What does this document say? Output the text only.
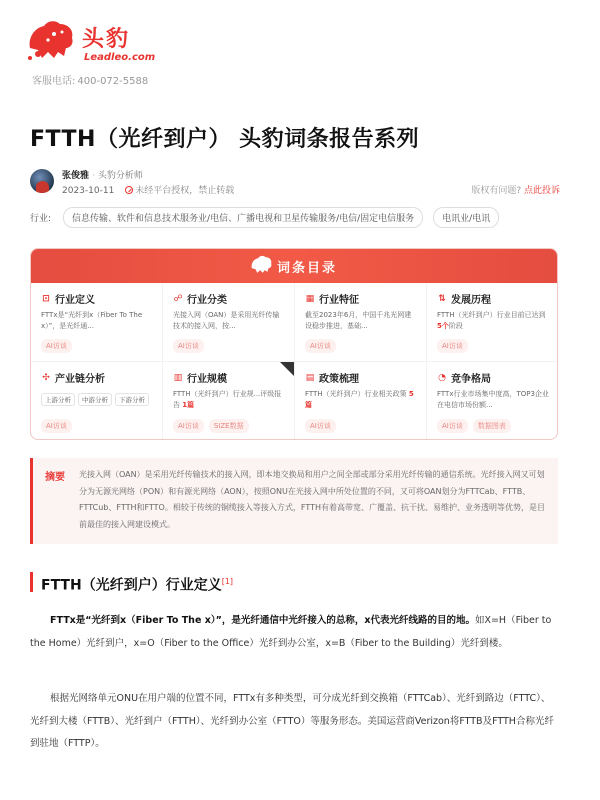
头豹
Leadleo.com
客服电话: 400-072-5588
FTTH（光纤到户） 头豹词条报告系列
张俊雅 · 头豹分析师
2023-10-11 未经平台授权，禁止转载	版权有问题? 点此投诉
行业:	信息传输、软件和信息技术服务业/电信、广播电视和卫星传输服务/电信/固定电信服务	电讯业/电讯
词条目录
⊡ 行业定义
FTTx是“光纤到x（Fiber To The x）”，是光纤通...
AI访谈
☍ 行业分类
光接入网（OAN）是采用光纤传输技术的接入网，按...
AI访谈
▦ 行业特征
截至2023年6月，中国千兆光网建设稳步推进，基础...
AI访谈
⇅ 发展历程
FTTH（光纤到户）行业目前已达到 5个阶段
AI访谈
✣ 产业链分析
上游分析	中游分析	下游分析
AI访谈
▥ 行业规模
FTTH（光纤到户）行业规...评级报告 1篇
AI访谈	SIZE数据
▤ 政策梳理
FTTH（光纤到户）行业相关政策 5篇
AI访谈
◔ 竞争格局
FTTx行业市场集中度高，TOP3企业在电信市场份额...
AI访谈	数据图表
摘要	光接入网（OAN）是采用光纤传输技术的接入网，即本地交换局和用户之间全部或部分采用光纤传输的通信系统。光纤接入网又可划分为无源光网络（PON）和有源光网络（AON），按照ONU在光接入网中所处位置的不同，又可将OAN划分为FTTCab、FTTB、FTTCub、FTTH和FTTO。相较于传统的铜缆接入等接入方式，FTTH有着高带宽、广覆盖、抗干扰、易维护、业务透明等优势，是目前最佳的接入网建设模式。
FTTH（光纤到户）行业定义[1]
FTTx是“光纤到x（Fiber To The x）”，是光纤通信中光纤接入的总称，x代表光纤线路的目的地。如X=H（Fiber to the Home）光纤到户，x=O（Fiber to the Office）光纤到办公室，x=B（Fiber to the Building）光纤到楼。
根据光网络单元ONU在用户端的位置不同，FTTx有多种类型，可分成光纤到交换箱（FTTCab）、光纤到路边（FTTC）、光纤到大楼（FTTB）、光纤到户（FTTH）、光纤到办公室（FTTO）等服务形态。美国运营商Verizon将FTTB及FTTH合称光纤到驻地（FTTP）。
